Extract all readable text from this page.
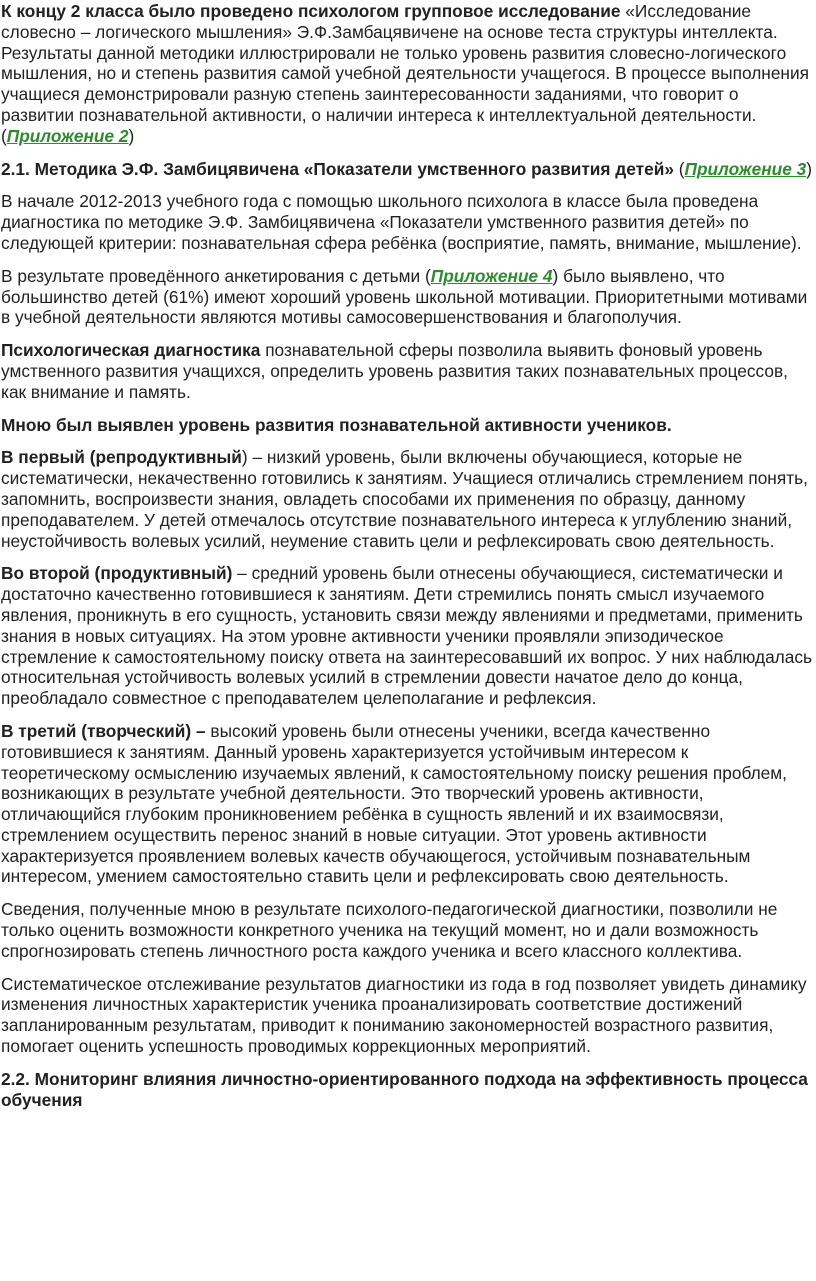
К концу 2 класса было проведено психологом групповое исследование «Исследование словесно – логического мышления» Э.Ф.Замбацявичене на основе теста структуры интеллекта. Результаты данной методики иллюстрировали не только уровень развития словесно-логического мышления, но и степень развития самой учебной деятельности учащегося. В процессе выполнения учащиеся демонстрировали разную степень заинтересованности заданиями, что говорит о развитии познавательной активности, о наличии интереса к интеллектуальной деятельности. (Приложение 2)

2.1. Методика Э.Ф. Замбицявичена «Показатели умственного развития детей» (Приложение 3)

В начале 2012-2013 учебного года с помощью школьного психолога в классе была проведена диагностика по методике Э.Ф. Замбицявичена «Показатели умственного развития детей» по следующей критерии: познавательная сфера ребёнка (восприятие, память, внимание, мышление).

В результате проведённого анкетирования с детьми (Приложение 4) было выявлено, что большинство детей (61%) имеют хороший уровень школьной мотивации. Приоритетными мотивами в учебной деятельности являются мотивы самосовершенствования и благополучия.

Психологическая диагностика познавательной сферы позволила выявить фоновый уровень умственного развития учащихся, определить уровень развития таких познавательных процессов, как внимание и память.

Мною был выявлен уровень развития познавательной активности учеников.

В первый (репродуктивный) – низкий уровень, были включены обучающиеся, которые не систематически, некачественно готовились к занятиям. Учащиеся отличались стремлением понять, запомнить, воспроизвести знания, овладеть способами их применения по образцу, данному преподавателем. У детей отмечалось отсутствие познавательного интереса к углублению знаний, неустойчивость волевых усилий, неумение ставить цели и рефлексировать свою деятельность.

Во второй (продуктивный) – средний уровень были отнесены обучающиеся, систематически и достаточно качественно готовившиеся к занятиям. Дети стремились понять смысл изучаемого явления, проникнуть в его сущность, установить связи между явлениями и предметами, применить знания в новых ситуациях. На этом уровне активности ученики проявляли эпизодическое стремление к самостоятельному поиску ответа на заинтересовавший их вопрос. У них наблюдалась относительная устойчивость волевых усилий в стремлении довести начатое дело до конца, преобладало совместное с преподавателем целеполагание и рефлексия.

В третий (творческий) – высокий уровень были отнесены ученики, всегда качественно готовившиеся к занятиям. Данный уровень характеризуется устойчивым интересом к теоретическому осмыслению изучаемых явлений, к самостоятельному поиску решения проблем, возникающих в результате учебной деятельности. Это творческий уровень активности, отличающийся глубоким проникновением ребёнка в сущность явлений и их взаимосвязи, стремлением осуществить перенос знаний в новые ситуации. Этот уровень активности характеризуется проявлением волевых качеств обучающегося, устойчивым познавательным интересом, умением самостоятельно ставить цели и рефлексировать свою деятельность.

Сведения, полученные мною в результате психолого-педагогической диагностики, позволили не только оценить возможности конкретного ученика на текущий момент, но и дали возможность спрогнозировать степень личностного роста каждого ученика и всего классного коллектива.

Систематическое отслеживание результатов диагностики из года в год позволяет увидеть динамику изменения личностных характеристик ученика проанализировать соответствие достижений запланированным результатам, приводит к пониманию закономерностей возрастного развития, помогает оценить успешность проводимых коррекционных мероприятий.

2.2. Мониторинг влияния личностно-ориентированного подхода на эффективность процесса обучения
